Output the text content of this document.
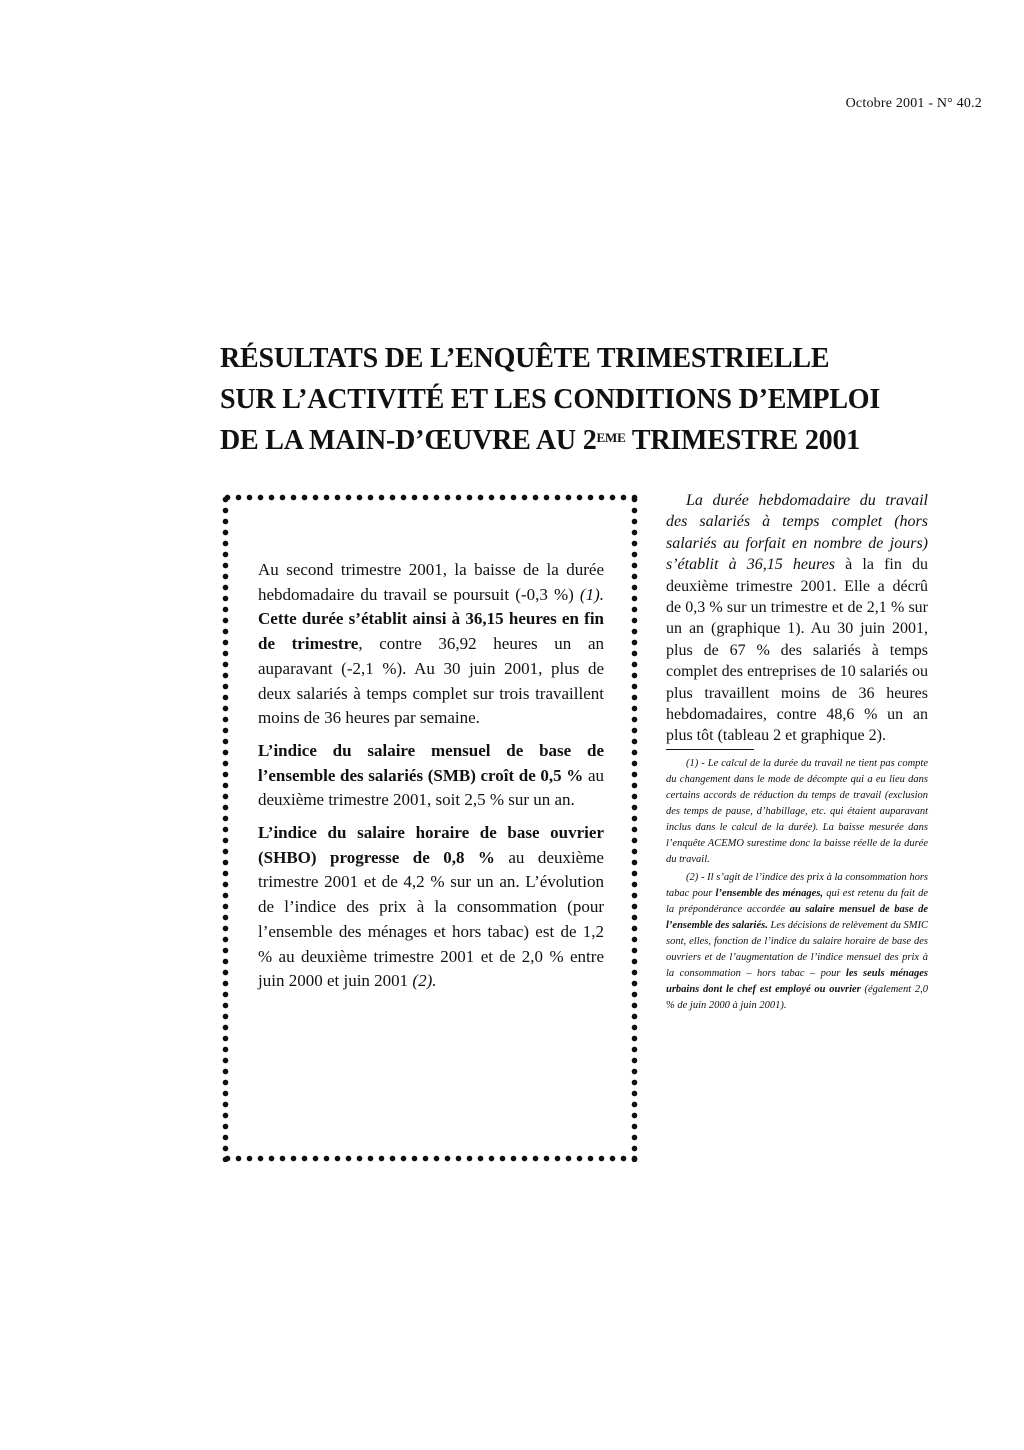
Octobre 2001 - N° 40.2
RÉSULTATS DE L’ENQUÊTE TRIMESTRIELLE
SUR L’ACTIVITÉ ET LES CONDITIONS D’EMPLOI
DE LA MAIN-D’ŒUVRE AU 2EME TRIMESTRE 2001

Au second trimestre 2001, la baisse de la durée hebdomadaire du travail se poursuit (-0,3 %) (1). Cette durée s’établit ainsi à 36,15 heures en fin de trimestre, contre 36,92 heures un an auparavant (-2,1 %). Au 30 juin 2001, plus de deux salariés à temps complet sur trois travaillent moins de 36 heures par semaine.

L’indice du salaire mensuel de base de l’ensemble des salariés (SMB) croît de 0,5 % au deuxième trimestre 2001, soit 2,5 % sur un an.

L’indice du salaire horaire de base ouvrier (SHBO) progresse de 0,8 % au deuxième trimestre 2001 et de 4,2 % sur un an. L’évolution de l’indice des prix à la consommation (pour l’ensemble des ménages et hors tabac) est de 1,2 % au deuxième trimestre 2001 et de 2,0 % entre juin 2000 et juin 2001 (2).

La durée hebdomadaire du travail des salariés à temps complet (hors salariés au forfait en nombre de jours) s’établit à 36,15 heures à la fin du deuxième trimestre 2001. Elle a décrû de 0,3 % sur un trimestre et de 2,1 % sur un an (graphique 1). Au 30 juin 2001, plus de 67 % des salariés à temps complet des entreprises de 10 salariés ou plus travaillent moins de 36 heures hebdomadaires, contre 48,6 % un an plus tôt (tableau 2 et graphique 2).

(1) - Le calcul de la durée du travail ne tient pas compte du changement dans le mode de décompte qui a eu lieu dans certains accords de réduction du temps de travail (exclusion des temps de pause, d’habillage, etc. qui étaient auparavant inclus dans le calcul de la durée). La baisse mesurée dans l’enquête ACEMO surestime donc la baisse réelle de la durée du travail.

(2) - Il s’agit de l’indice des prix à la consommation hors tabac pour l’ensemble des ménages, qui est retenu du fait de la prépondérance accordée au salaire mensuel de base de l’ensemble des salariés. Les décisions de relèvement du SMIC sont, elles, fonction de l’indice du salaire horaire de base des ouvriers et de l’augmentation de l’indice mensuel des prix à la consommation – hors tabac – pour les seuls ménages urbains dont le chef est employé ou ouvrier (également 2,0 % de juin 2000 à juin 2001).
